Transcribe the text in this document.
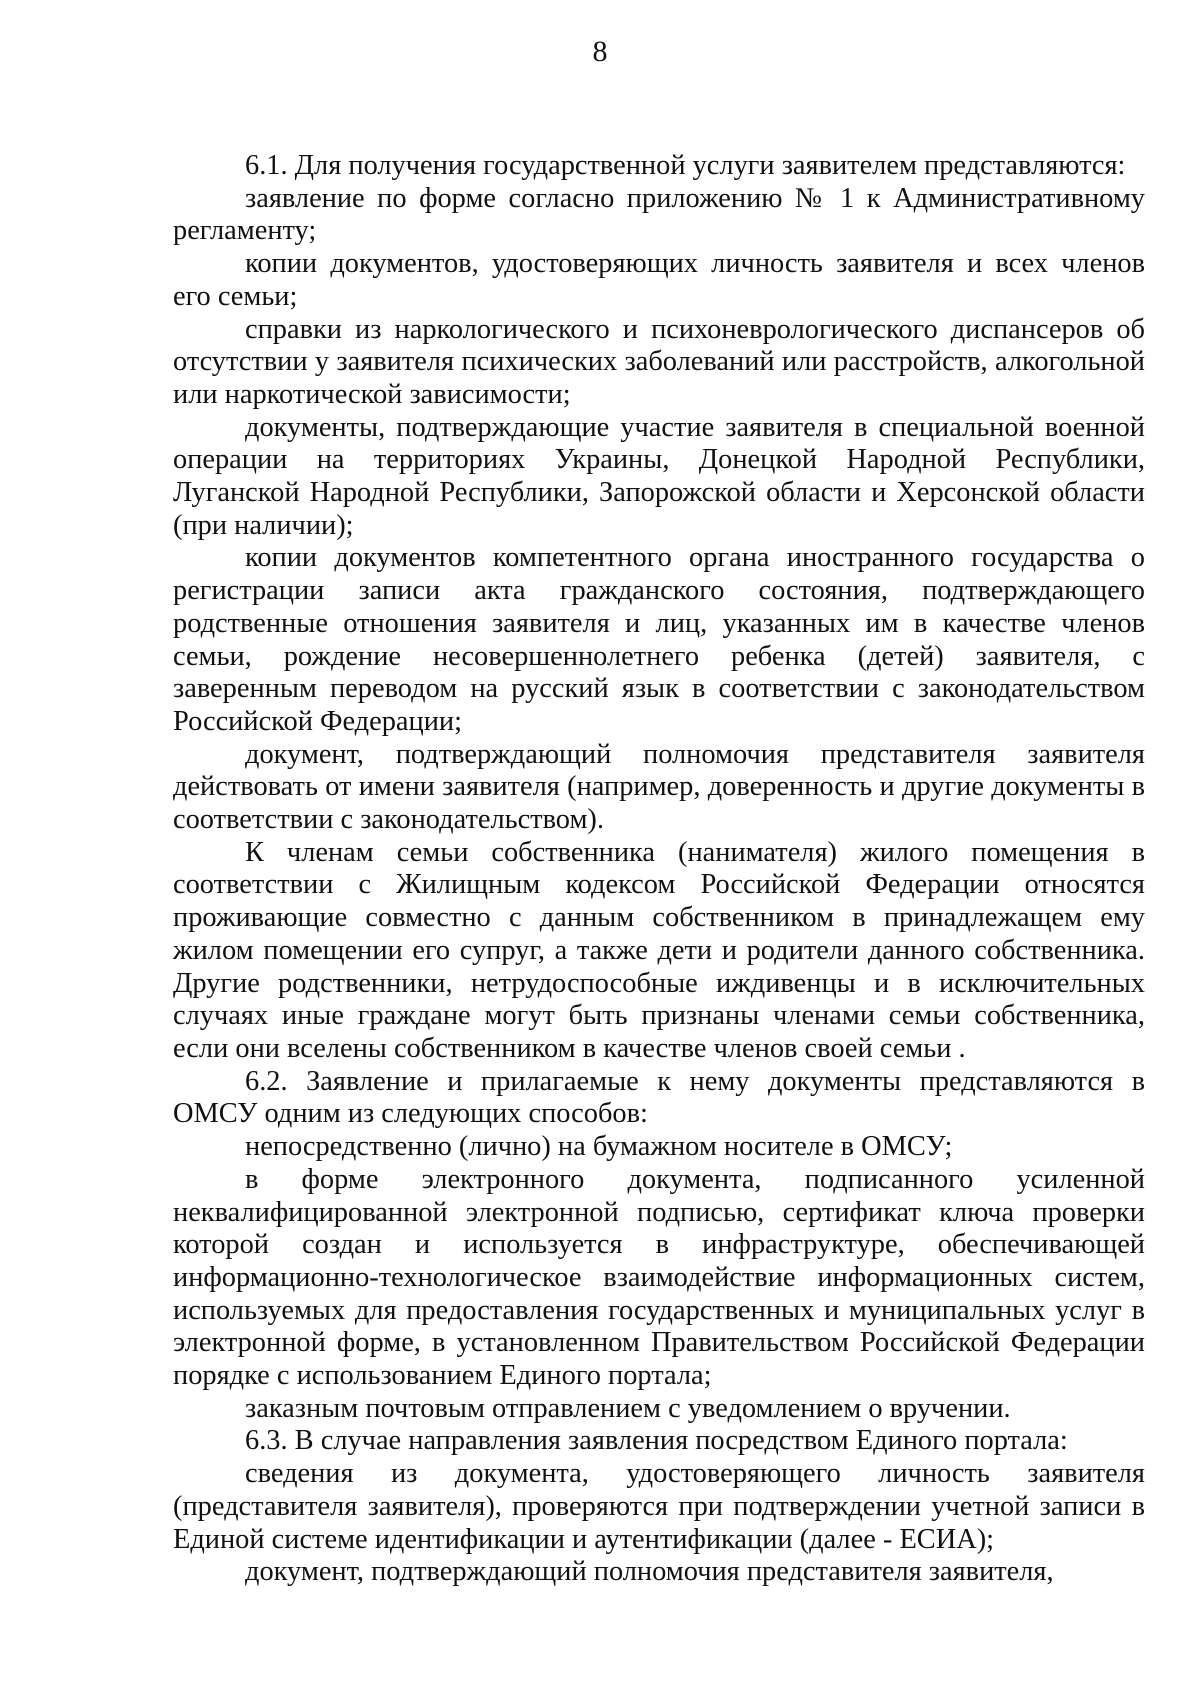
8

6.1. Для получения государственной услуги заявителем представляются:

заявление по форме согласно приложению № 1 к Административному регламенту;

копии документов, удостоверяющих личность заявителя и всех членов его семьи;

справки из наркологического и психоневрологического диспансеров об отсутствии у заявителя психических заболеваний или расстройств, алкогольной или наркотической зависимости;

документы, подтверждающие участие заявителя в специальной военной операции на территориях Украины, Донецкой Народной Республики, Луганской Народной Республики, Запорожской области и Херсонской области (при наличии);

копии документов компетентного органа иностранного государства о регистрации записи акта гражданского состояния, подтверждающего родственные отношения заявителя и лиц, указанных им в качестве членов семьи, рождение несовершеннолетнего ребенка (детей) заявителя, с заверенным переводом на русский язык в соответствии с законодательством Российской Федерации;

документ, подтверждающий полномочия представителя заявителя действовать от имени заявителя (например, доверенность и другие документы в соответствии с законодательством).

К членам семьи собственника (нанимателя) жилого помещения в соответствии с Жилищным кодексом Российской Федерации относятся проживающие совместно с данным собственником в принадлежащем ему жилом помещении его супруг, а также дети и родители данного собственника. Другие родственники, нетрудоспособные иждивенцы и в исключительных случаях иные граждане могут быть признаны членами семьи собственника, если они вселены собственником в качестве членов своей семьи .

6.2. Заявление и прилагаемые к нему документы представляются в ОМСУ одним из следующих способов:

непосредственно (лично) на бумажном носителе в ОМСУ;

в форме электронного документа, подписанного усиленной неквалифицированной электронной подписью, сертификат ключа проверки которой создан и используется в инфраструктуре, обеспечивающей информационно-технологическое взаимодействие информационных систем, используемых для предоставления государственных и муниципальных услуг в электронной форме, в установленном Правительством Российской Федерации порядке с использованием Единого портала;

заказным почтовым отправлением с уведомлением о вручении.

6.3. В случае направления заявления посредством Единого портала:

сведения из документа, удостоверяющего личность заявителя (представителя заявителя), проверяются при подтверждении учетной записи в Единой системе идентификации и аутентификации (далее - ЕСИА);

документ, подтверждающий полномочия представителя заявителя,
